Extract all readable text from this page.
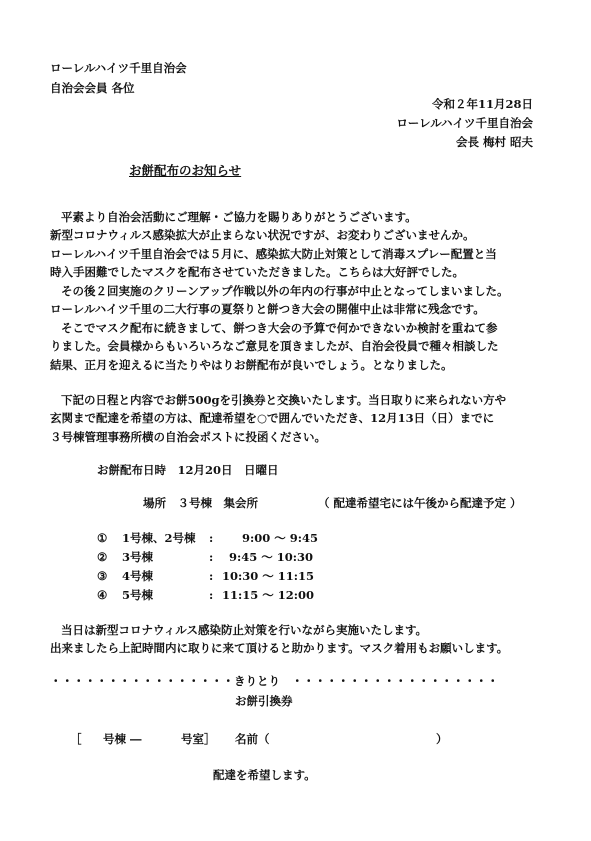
ローレルハイツ千里自治会
自治会会員 各位
令和２年11月28日
ローレルハイツ千里自治会
会長 梅村 昭夫
お餅配布のお知らせ
平素より自治会活動にご理解・ご協力を賜りありがとうございます。
新型コロナウィルス感染拡大が止まらない状況ですが、お変わりございませんか。
ローレルハイツ千里自治会では５月に、感染拡大防止対策として消毒スプレー配置と当
時入手困難でしたマスクを配布させていただきました。こちらは大好評でした。
その後２回実施のクリーンアップ作戦以外の年内の行事が中止となってしまいました。
ローレルハイツ千里の二大行事の夏祭りと餅つき大会の開催中止は非常に残念です。
そこでマスク配布に続きまして、餅つき大会の予算で何かできないか検討を重ねて参
りました。会員様からもいろいろなご意見を頂きましたが、自治会役員で種々相談した
結果、正月を迎えるに当たりやはりお餅配布が良いでしょう。となりました。
下記の日程と内容でお餅500gを引換券と交換いたします。当日取りに来られない方や
玄関まで配達を希望の方は、配達希望を○で囲んでいただき、12月13日（日）までに
３号棟管理事務所横の自治会ポストに投函ください。
お餅配布日時　12月20日　日曜日
場所　３号棟　集会所	（ 配達希望宅には午後から配達予定 ）
① 1号棟、2号棟 :	9:00 ～ 9:45
② 3号棟	: 9:45 ～ 10:30
③ 4号棟	: 10:30 ～ 11:15
④ 5号棟	: 11:15 ～ 12:00
当日は新型コロナウィルス感染防止対策を行いながら実施いたします。
出来ましたら上記時間内に取りに来て頂けると助かります。マスク着用もお願いします。
・・・・・・・・・・・・・・・・きりとり　・・・・・・・・・・・・・・・・・・
お餅引換券
［ 号棟 ―	号室］ 名前（	）
配達を希望します。
